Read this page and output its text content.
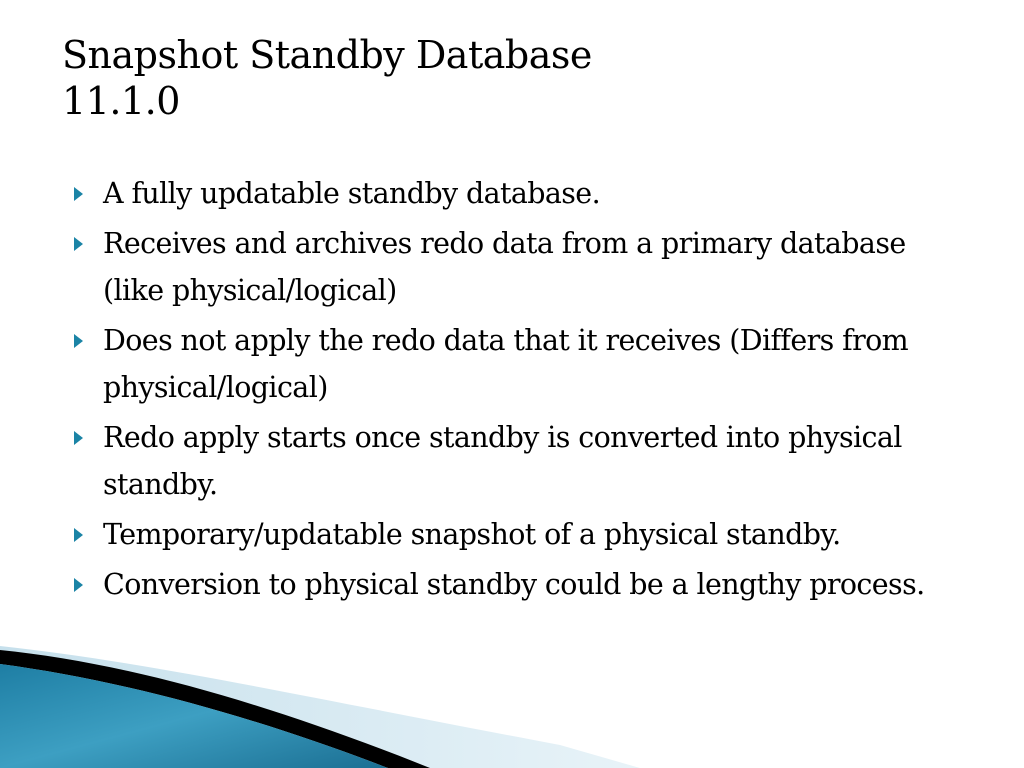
Snapshot Standby Database
11.1.0
A fully updatable standby database.
Receives and archives redo data from a primary database (like physical/logical)
Does not apply the redo data that it receives (Differs from physical/logical)
Redo apply starts once standby is converted into physical standby.
Temporary/updatable snapshot of a physical standby.
Conversion to physical standby could be a lengthy process.
